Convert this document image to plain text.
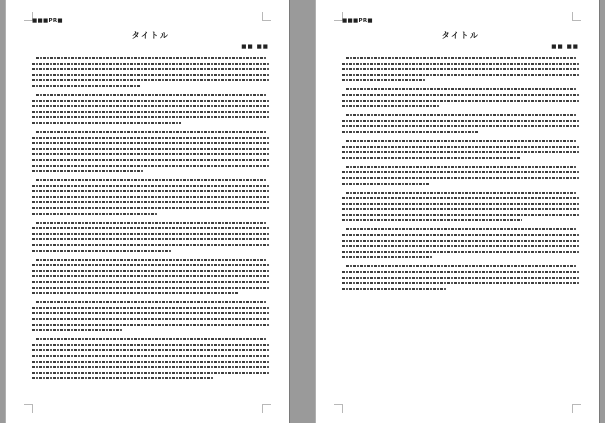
■■■PR■
タイトル
■■ ■■
■■■PR■
タイトル
■■ ■■
